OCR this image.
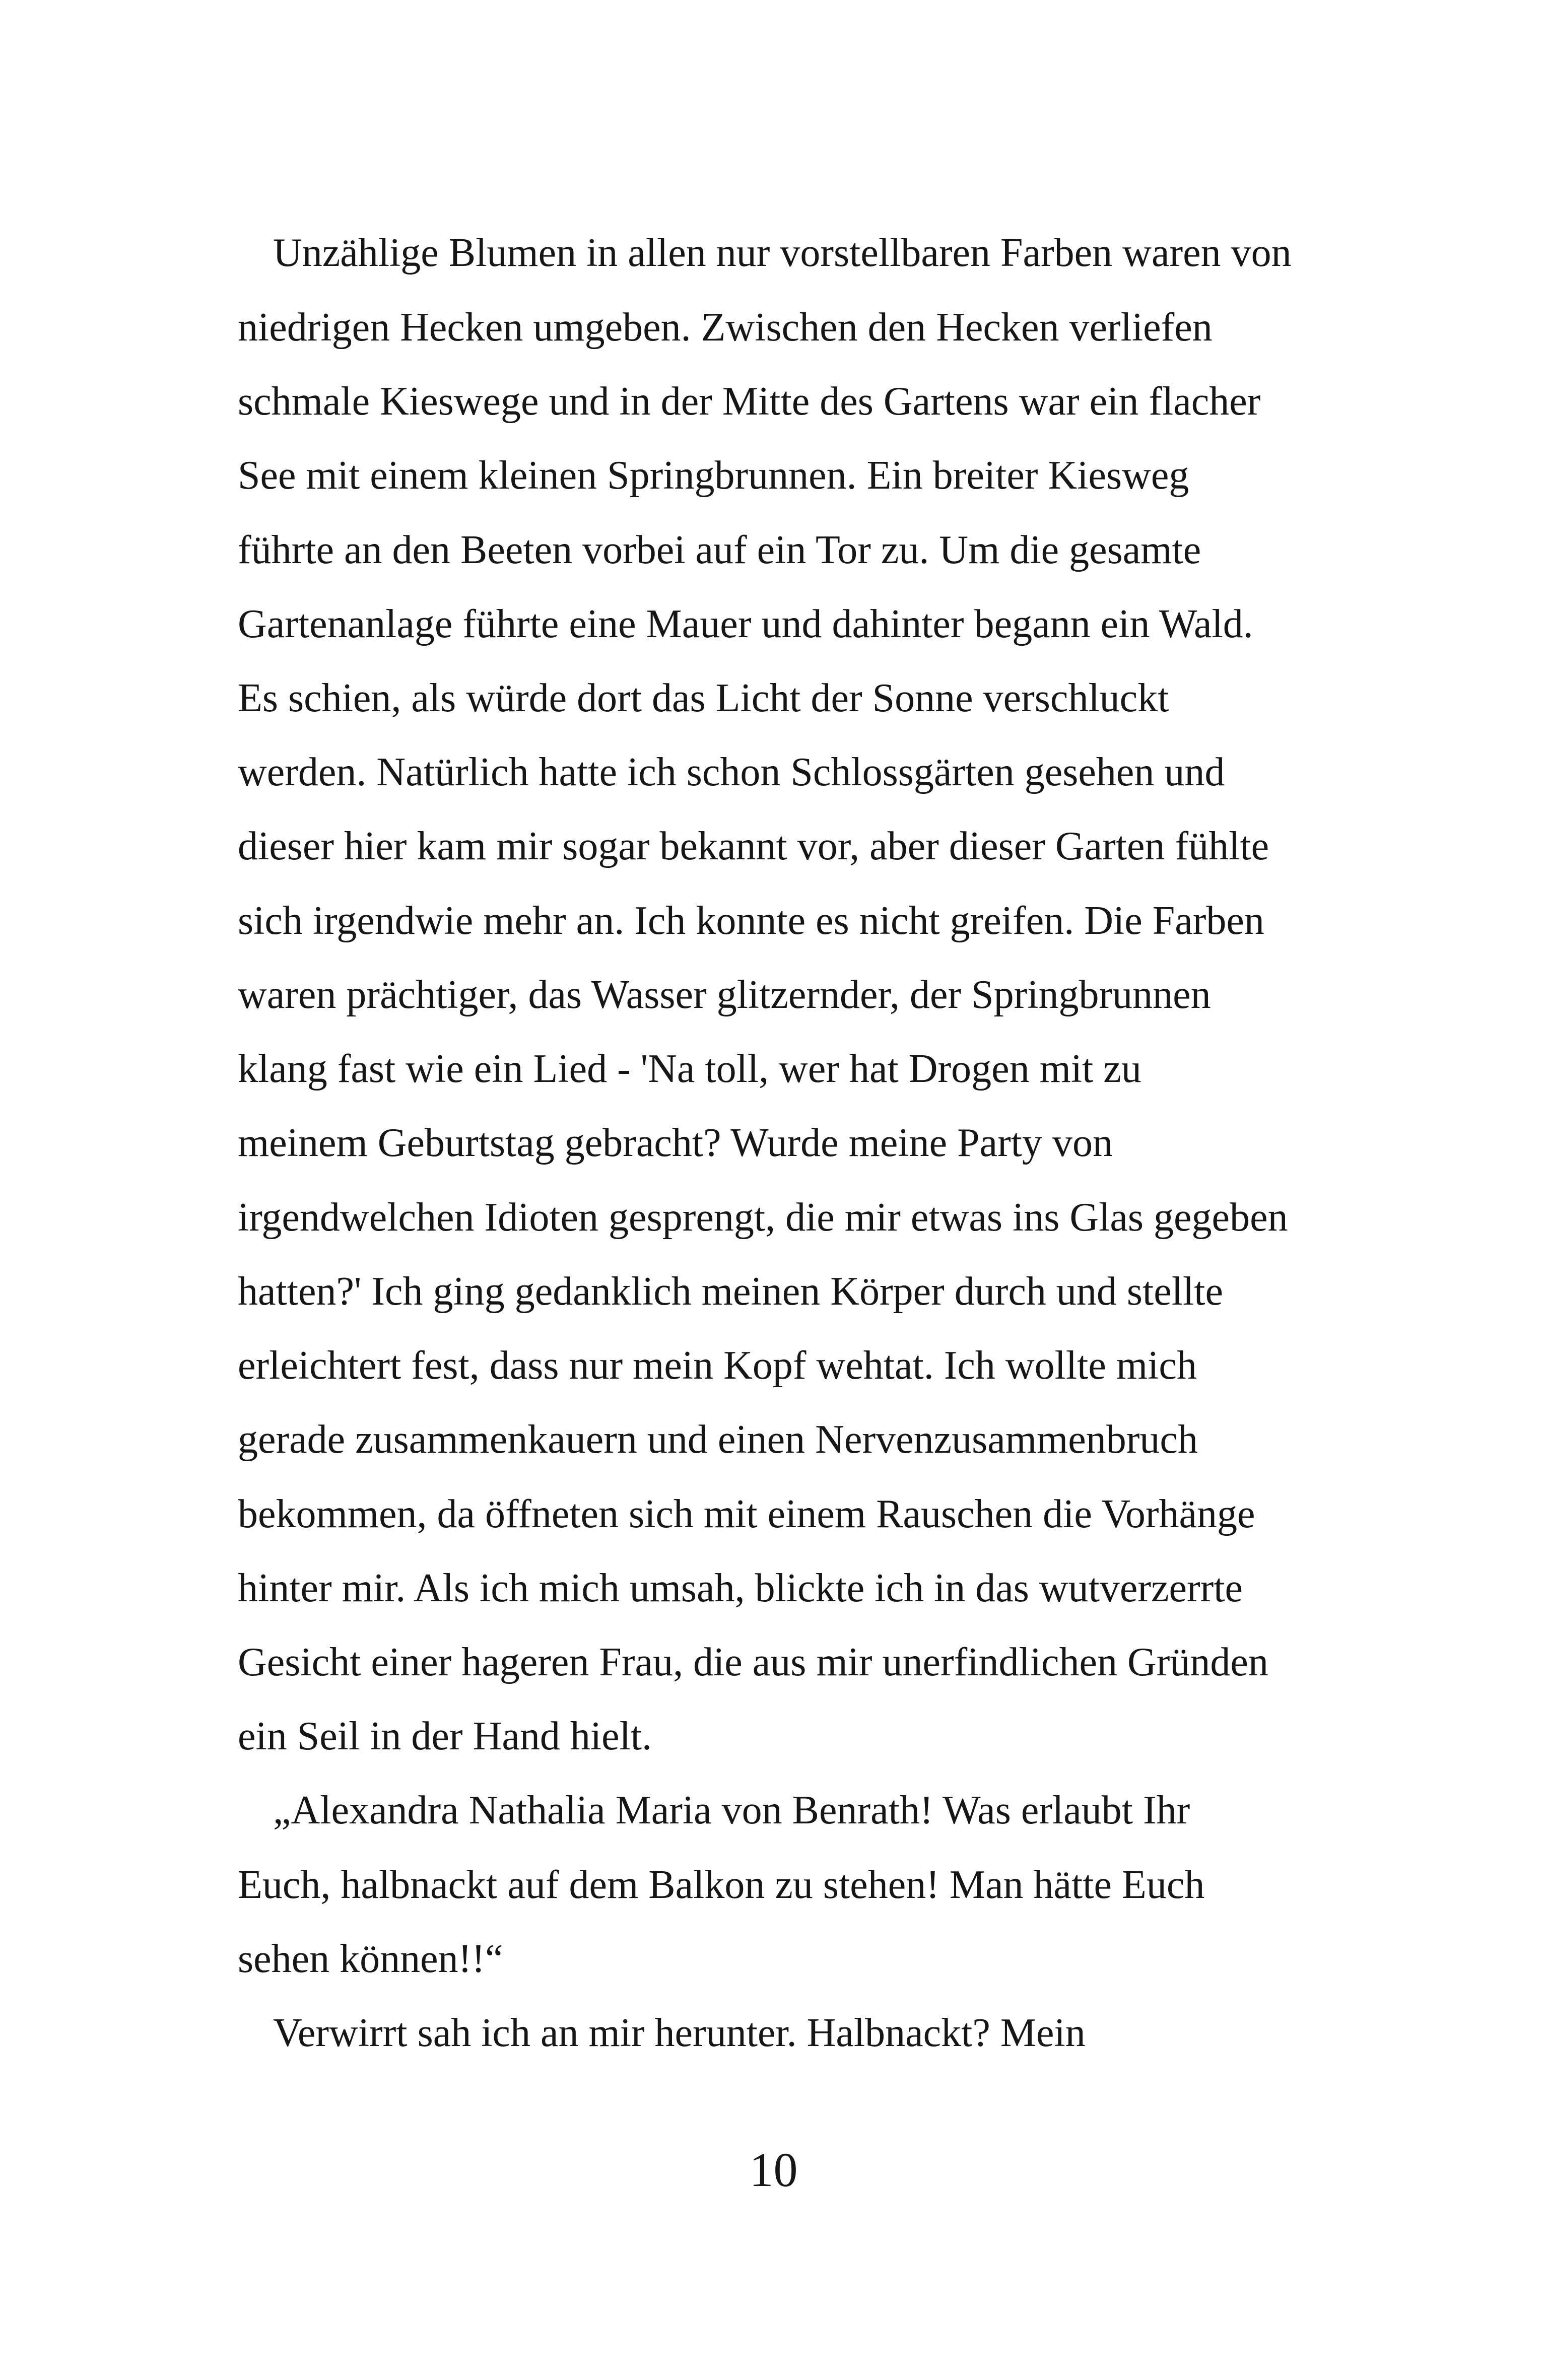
Unzählige Blumen in allen nur vorstellbaren Farben waren von
niedrigen Hecken umgeben. Zwischen den Hecken verliefen
schmale Kieswege und in der Mitte des Gartens war ein flacher
See mit einem kleinen Springbrunnen. Ein breiter Kiesweg
führte an den Beeten vorbei auf ein Tor zu. Um die gesamte
Gartenanlage führte eine Mauer und dahinter begann ein Wald.
Es schien, als würde dort das Licht der Sonne verschluckt
werden. Natürlich hatte ich schon Schlossgärten gesehen und
dieser hier kam mir sogar bekannt vor, aber dieser Garten fühlte
sich irgendwie mehr an. Ich konnte es nicht greifen. Die Farben
waren prächtiger, das Wasser glitzernder, der Springbrunnen
klang fast wie ein Lied - 'Na toll, wer hat Drogen mit zu
meinem Geburtstag gebracht? Wurde meine Party von
irgendwelchen Idioten gesprengt, die mir etwas ins Glas gegeben
hatten?' Ich ging gedanklich meinen Körper durch und stellte
erleichtert fest, dass nur mein Kopf wehtat. Ich wollte mich
gerade zusammenkauern und einen Nervenzusammenbruch
bekommen, da öffneten sich mit einem Rauschen die Vorhänge
hinter mir. Als ich mich umsah, blickte ich in das wutverzerrte
Gesicht einer hageren Frau, die aus mir unerfindlichen Gründen
ein Seil in der Hand hielt.
„Alexandra Nathalia Maria von Benrath! Was erlaubt Ihr
Euch, halbnackt auf dem Balkon zu stehen! Man hätte Euch
sehen können!!“
Verwirrt sah ich an mir herunter. Halbnackt? Mein
10
